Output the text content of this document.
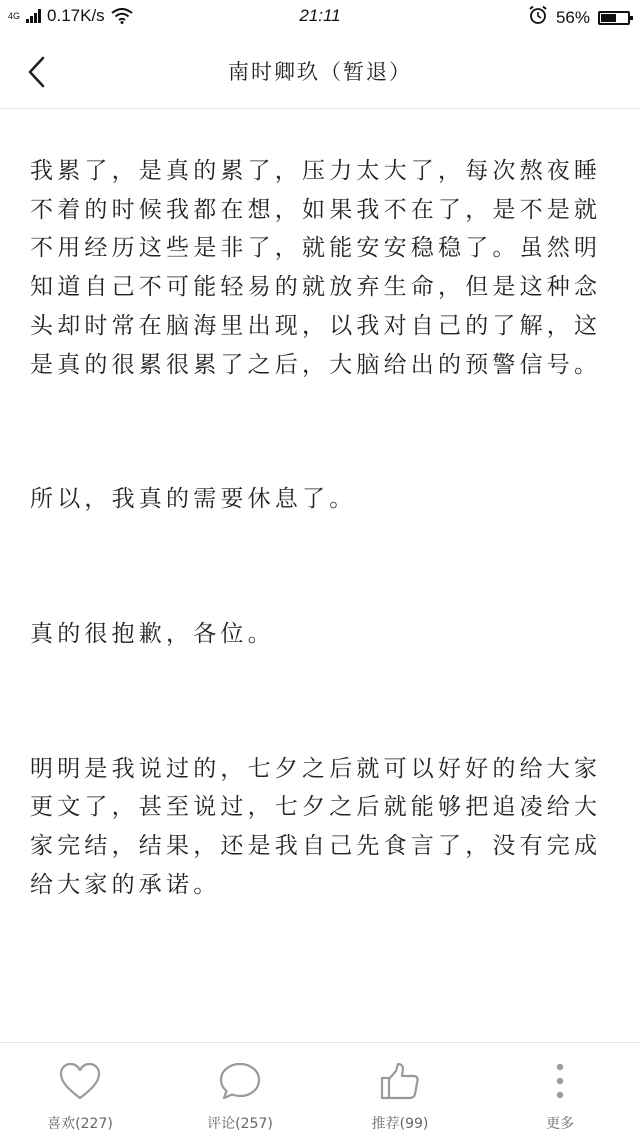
4G 0.17K/s	21:11	56%
南时卿玖（暂退）

我累了，是真的累了，压力太大了，每次熬夜睡不着的时候我都在想，如果我不在了，是不是就不用经历这些是非了，就能安安稳稳了。虽然明知道自己不可能轻易的就放弃生命，但是这种念头却时常在脑海里出现，以我对自己的了解，这是真的很累很累了之后，大脑给出的预警信号。

所以，我真的需要休息了。

真的很抱歉，各位。

明明是我说过的，七夕之后就可以好好的给大家更文了，甚至说过，七夕之后就能够把追凌给大家完结，结果，还是我自己先食言了，没有完成给大家的承诺。

喜欢(227)	评论(257)	推荐(99)	更多
